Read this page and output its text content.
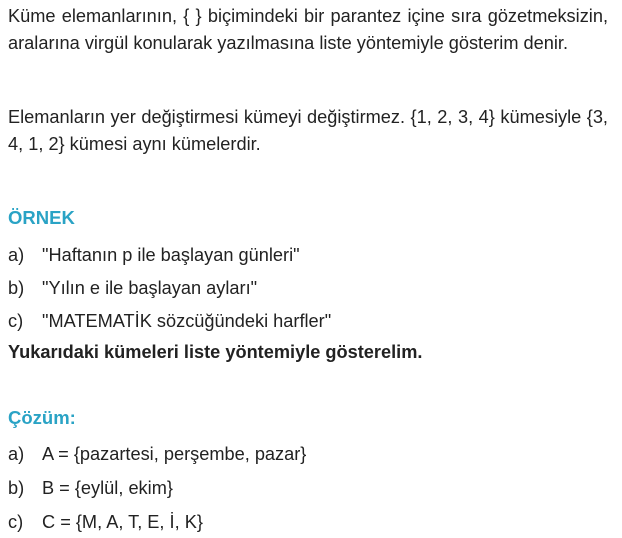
Küme elemanlarının, { } biçimindeki bir parantez içine sıra gözetmeksizin, aralarına virgül konularak yazılmasına liste yöntemiyle gösterim denir.

Elemanların yer değiştirmesi kümeyi değiştirmez. {1, 2, 3, 4} kümesiyle {3, 4, 1, 2} kümesi aynı kümelerdir.

ÖRNEK
a) "Haftanın p ile başlayan günleri"
b) "Yılın e ile başlayan ayları"
c) "MATEMATİK sözcüğündeki harfler"
Yukarıdaki kümeleri liste yöntemiyle gösterelim.
Çözüm:
a) A = {pazartesi, perşembe, pazar}
b) B = {eylül, ekim}
c) C = {M, A, T, E, İ, K}
